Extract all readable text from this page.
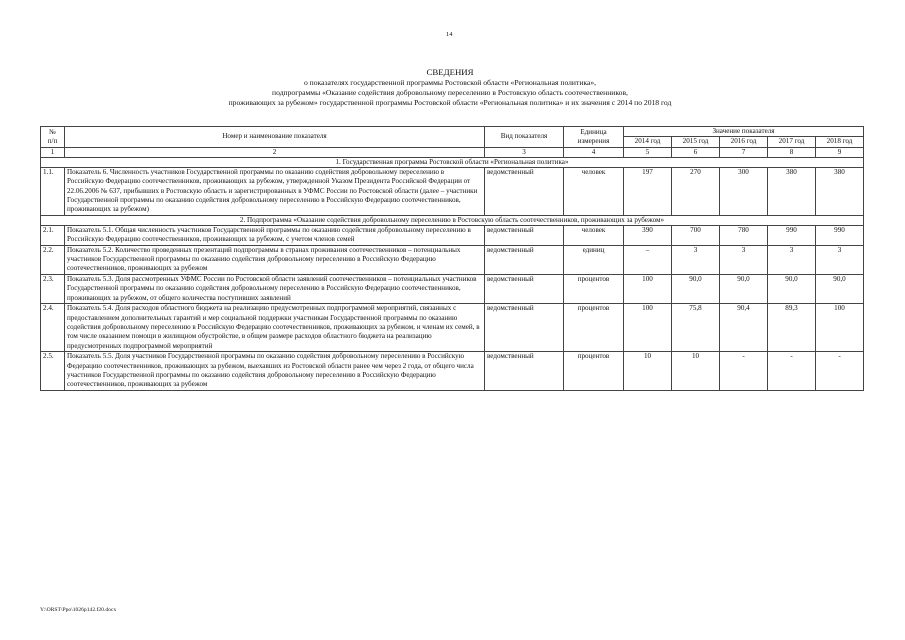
14
СВЕДЕНИЯ
о показателях государственной программы Ростовской области «Региональная политика»,
подпрограммы «Оказание содействия добровольному переселению в Ростовскую область соотечественников,
проживающих за рубежом» государственной программы Ростовской области «Региональная политика» и их значения с 2014 по 2018 год
№
п/п	Номер и наименование показателя	Вид показателя	Единица измерения	Значение показателя				
				2014 год	2015 год	2016 год	2017 год	2018 год
1	2	3	4	5	6	7	8	9
1. Государственная программа Ростовской области «Региональная политика»								
1.1.	Показатель 6. Численность участников Государственной программы по оказанию содействия добровольному переселению в Российскую Федерацию соотечественников, проживающих за рубежом, утвержденной Указом Президента Российской Федерации от 22.06.2006 № 637, прибывших в Ростовскую область и зарегистрированных в УФМС России по Ростовской области (далее – участники Государственной программы по оказанию содействия добровольному переселению в Российскую Федерацию соотечественников, проживающих за рубежом)	ведомственный	человек	197	270	300	380	380
2. Подпрограмма «Оказание содействия добровольному переселению в Ростовскую область соотечественников, проживающих за рубежом»								
2.1.	Показатель 5.1. Общая численность участников Государственной программы по оказанию содействия добровольному переселению в Российскую Федерацию соотечественников, проживающих за рубежом, с учетом членов семей	ведомственный	человек	390	700	780	990	990
2.2.	Показатель 5.2. Количество проведенных презентаций подпрограммы в странах проживания соотечественников – потенциальных участников Государственной программы по оказанию содействия добровольному переселению в Российскую Федерацию соотечественников, проживающих за рубежом	ведомственный	единиц	–	3	3	3	3
2.3.	Показатель 5.3. Доля рассмотренных УФМС России по Ростовской области заявлений соотечественников – потенциальных участников Государственной программы по оказанию содействия добровольному переселению в Российскую Федерацию соотечественников, проживающих за рубежом, от общего количества поступивших заявлений	ведомственный	процентов	100	90,0	90,0	90,0	90,0
2.4.	Показатель 5.4. Доля расходов областного бюджета на реализацию предусмотренных подпрограммой мероприятий, связанных с предоставлением дополнительных гарантий и мер социальной поддержки участникам Государственной программы по оказанию содействия добровольному переселению в Российскую Федерацию соотечественников, проживающих за рубежом, и членам их семей, в том числе оказанием помощи в жилищном обустройстве, в общем размере расходов областного бюджета на реализацию предусмотренных подпрограммой мероприятий	ведомственный	процентов	100	75,8	90,4	89,3	100
2.5.	Показатель 5.5. Доля участников Государственной программы по оказанию содействия добровольному переселению в Российскую Федерацию соотечественников, проживающих за рубежом, выехавших из Ростовской области ранее чем через 2 года, от общего числа участников Государственной программы по оказанию содействия добровольному переселению в Российскую Федерацию соотечественников, проживающих за рубежом	ведомственный	процентов	10	10	-	-	-
Y:\ORST\Ppo\1026p142.f20.docx
